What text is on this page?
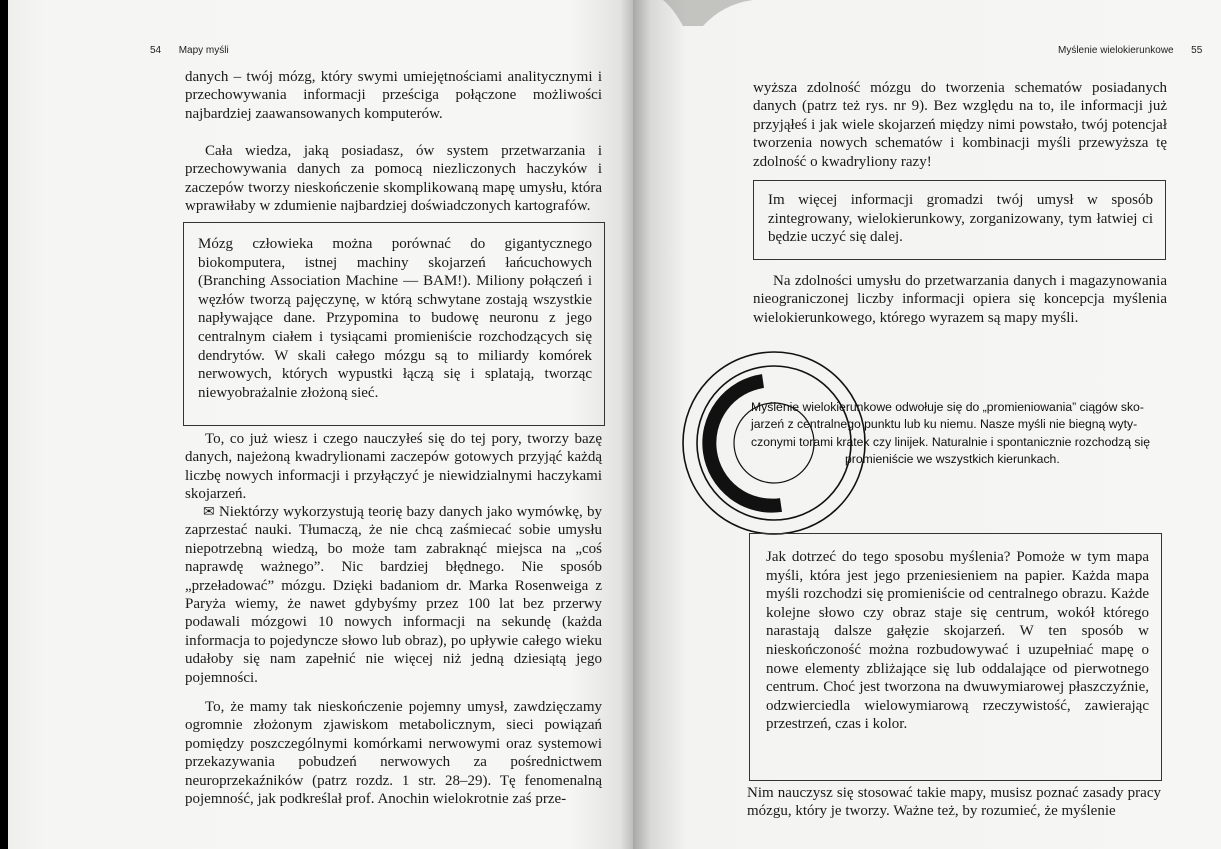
54 Mapy myśli

danych – twój mózg, który swymi umiejętnościami analitycznymi i przechowywania informacji prześciga połączone możliwości najbardziej zaawansowanych komputerów.

Cała wiedza, jaką posiadasz, ów system przetwarzania i przechowywania danych za pomocą niezliczonych haczyków i zaczepów tworzy nieskończenie skomplikowaną mapę umysłu, która wprawiłaby w zdumienie najbardziej doświadczonych kartografów.

Mózg człowieka można porównać do gigantycznego biokomputera, istnej machiny skojarzeń łańcuchowych (Branching Association Machine — BAM!). Miliony połączeń i węzłów tworzą pajęczynę, w którą schwytane zostają wszystkie napływające dane. Przypomina to budowę neuronu z jego centralnym ciałem i tysiącami promieniście rozchodzących się dendrytów. W skali całego mózgu są to miliardy komórek nerwowych, których wypustki łączą się i splatają, tworząc niewyobrażalnie złożoną sieć.

To, co już wiesz i czego nauczyłeś się do tej pory, tworzy bazę danych, najeżoną kwadrylionami zaczepów gotowych przyjąć każdą liczbę nowych informacji i przyłączyć je niewidzialnymi haczykami skojarzeń.

✉ Niektórzy wykorzystują teorię bazy danych jako wymówkę, by zaprzestać nauki. Tłumaczą, że nie chcą zaśmiecać sobie umysłu niepotrzebną wiedzą, bo może tam zabraknąć miejsca na „coś naprawdę ważnego”. Nic bardziej błędnego. Nie sposób „przeładować” mózgu. Dzięki badaniom dr. Marka Rosenweiga z Paryża wiemy, że nawet gdybyśmy przez 100 lat bez przerwy podawali mózgowi 10 nowych informacji na sekundę (każda informacja to pojedyncze słowo lub obraz), po upływie całego wieku udałoby się nam zapełnić nie więcej niż jedną dziesiątą jego pojemności.

To, że mamy tak nieskończenie pojemny umysł, zawdzięczamy ogromnie złożonym zjawiskom metabolicznym, sieci powiązań pomiędzy poszczególnymi komórkami nerwowymi oraz systemowi przekazywania pobudzeń nerwowych za pośrednictwem neuroprzekaźników (patrz rozdz. 1 str. 28–29). Tę fenomenalną pojemność, jak podkreślał prof. Anochin wielokrotnie zaś prze-

Myślenie wielokierunkowe 55

wyższa zdolność mózgu do tworzenia schematów posiadanych danych (patrz też rys. nr 9). Bez względu na to, ile informacji już przyjąłeś i jak wiele skojarzeń między nimi powstało, twój potencjał tworzenia nowych schematów i kombinacji myśli przewyższa tę zdolność o kwadryliony razy!

Im więcej informacji gromadzi twój umysł w sposób zintegrowany, wielokierunkowy, zorganizowany, tym łatwiej ci będzie uczyć się dalej.

Na zdolności umysłu do przetwarzania danych i magazynowania nieograniczonej liczby informacji opiera się koncepcja myślenia wielokierunkowego, którego wyrazem są mapy myśli.

Myślenie wielokierunkowe odwołuje się do „promieniowania” ciągów sko-
jarzeń z centralnego punktu lub ku niemu. Nasze myśli nie biegną wyty-
czonymi torami kratek czy linijek. Naturalnie i spontanicznie rozchodzą się
promieniście we wszystkich kierunkach.

Jak dotrzeć do tego sposobu myślenia? Pomoże w tym mapa myśli, która jest jego przeniesieniem na papier. Każda mapa myśli rozchodzi się promieniście od centralnego obrazu. Każde kolejne słowo czy obraz staje się centrum, wokół którego narastają dalsze gałęzie skojarzeń. W ten sposób w nieskończoność można rozbudowywać i uzupełniać mapę o nowe elementy zbliżające się lub oddalające od pierwotnego centrum. Choć jest tworzona na dwuwymiarowej płaszczyźnie, odzwierciedla wielowymiarową rzeczywistość, zawierając przestrzeń, czas i kolor.

Nim nauczysz się stosować takie mapy, musisz poznać zasady pracy mózgu, który je tworzy. Ważne też, by rozumieć, że myślenie
